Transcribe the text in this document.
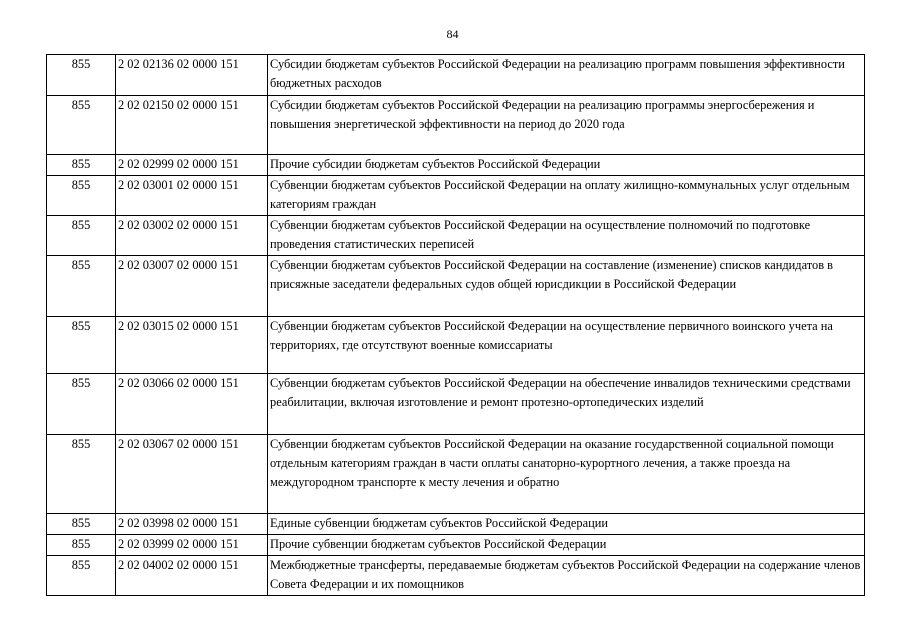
84
855	2 02 02136 02 0000 151	Субсидии бюджетам субъектов Российской Федерации на реализацию программ повышения эффективности бюджетных расходов
855	2 02 02150 02 0000 151	Субсидии бюджетам субъектов Российской Федерации на реализацию программы энергосбережения и повышения энергетической эффективности на период до 2020 года
855	2 02 02999 02 0000 151	Прочие субсидии бюджетам субъектов Российской Федерации
855	2 02 03001 02 0000 151	Субвенции бюджетам субъектов Российской Федерации на оплату жилищно-коммунальных услуг отдельным категориям граждан
855	2 02 03002 02 0000 151	Субвенции бюджетам субъектов Российской Федерации на осуществление полномочий по подготовке проведения статистических переписей
855	2 02 03007 02 0000 151	Субвенции бюджетам субъектов Российской Федерации на составление (изменение) списков кандидатов в присяжные заседатели федеральных судов общей юрисдикции в Российской Федерации
855	2 02 03015 02 0000 151	Субвенции бюджетам субъектов Российской Федерации на осуществление первичного воинского учета на территориях, где отсутствуют военные комиссариаты
855	2 02 03066 02 0000 151	Субвенции бюджетам субъектов Российской Федерации на обеспечение инвалидов техническими средствами реабилитации, включая изготовление и ремонт протезно-ортопедических изделий
855	2 02 03067 02 0000 151	Субвенции бюджетам субъектов Российской Федерации на оказание государственной социальной помощи отдельным категориям граждан в части оплаты санаторно-курортного лечения, а также проезда на междугородном транспорте к месту лечения и обратно
855	2 02 03998 02 0000 151	Единые субвенции бюджетам субъектов Российской Федерации
855	2 02 03999 02 0000 151	Прочие субвенции бюджетам субъектов Российской Федерации
855	2 02 04002 02 0000 151	Межбюджетные трансферты, передаваемые бюджетам субъектов Российской Федерации на содержание членов Совета Федерации и их помощников
